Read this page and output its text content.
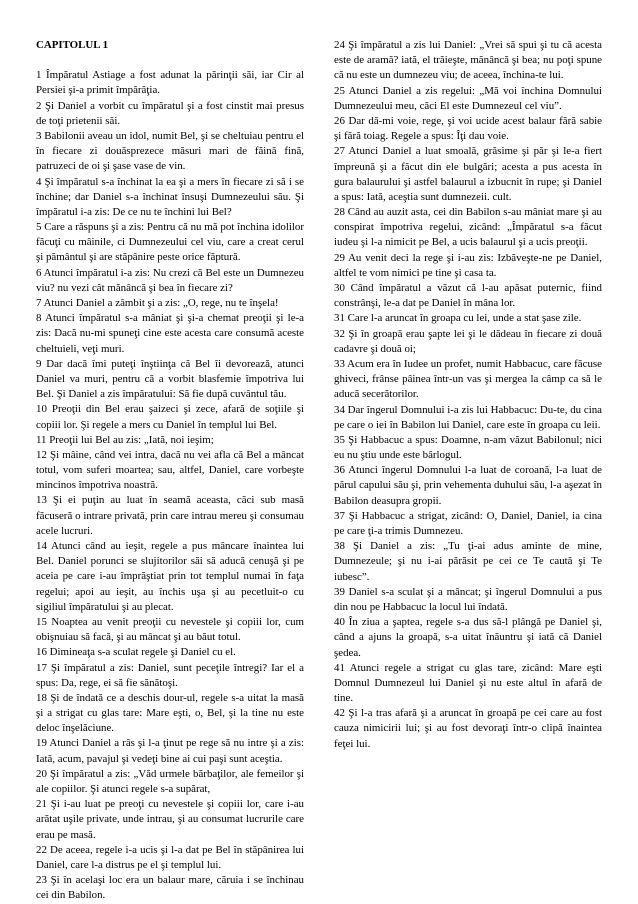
CAPITOLUL 1

1 Împăratul Astiage a fost adunat la părinţii săi, iar Cir al Persiei şi-a primit împărăţia.

2 Şi Daniel a vorbit cu împăratul şi a fost cinstit mai presus de toţi prietenii săi.

3 Babilonii aveau un idol, numit Bel, şi se cheltuiau pentru el în fiecare zi douăsprezece măsuri mari de făină fină, patruzeci de oi şi şase vase de vin.

4 Şi împăratul s-a închinat la ea şi a mers în fiecare zi să i se închine; dar Daniel s-a închinat însuşi Dumnezeului său. Şi împăratul i-a zis: De ce nu te închini lui Bel?

5 Care a răspuns şi a zis: Pentru că nu mă pot închina idolilor făcuţi cu mâinile, ci Dumnezeului cel viu, care a creat cerul şi pământul şi are stăpânire peste orice făptură.

6 Atunci împăratul i-a zis: Nu crezi că Bel este un Dumnezeu viu? nu vezi cât mănâncă şi bea în fiecare zi?

7 Atunci Daniel a zâmbit şi a zis: „O, rege, nu te înşela!

8 Atunci împăratul s-a mâniat şi şi-a chemat preoţii şi le-a zis: Dacă nu-mi spuneţi cine este acesta care consumă aceste cheltuieli, veţi muri.

9 Dar dacă îmi puteţi înştiinţa că Bel îi devorează, atunci Daniel va muri, pentru că a vorbit blasfemie împotriva lui Bel. Şi Daniel a zis împăratului: Să fie după cuvântul tău.

10 Preoţii din Bel erau şaizeci şi zece, afară de soţiile şi copiii lor. Şi regele a mers cu Daniel în templul lui Bel.

11 Preoţii lui Bel au zis: „Iată, noi ieşim;

12 Şi mâine, când vei intra, dacă nu vei afla că Bel a mâncat totul, vom suferi moartea; sau, altfel, Daniel, care vorbeşte mincinos împotriva noastră.

13 Şi ei puţin au luat în seamă aceasta, căci sub masă făcuseră o intrare privată, prin care intrau mereu şi consumau acele lucruri.

14 Atunci când au ieşit, regele a pus mâncare înaintea lui Bel. Daniel porunci se slujitorilor săi să aducă cenuşă şi pe aceia pe care i-au împrăştiat prin tot templul numai în faţa regelui; apoi au ieşit, au închis uşa şi au pecetluit-o cu sigiliul împăratului şi au plecat.

15 Noaptea au venit preoţii cu nevestele şi copiii lor, cum obişnuiau să facă, şi au mâncat şi au băut totul.

16 Dimineaţa s-a sculat regele şi Daniel cu el.

17 Şi împăratul a zis: Daniel, sunt peceţile întregi? Iar el a spus: Da, rege, ei să fie sănătoşi.

18 Şi de îndată ce a deschis dour-ul, regele s-a uitat la masă şi a strigat cu glas tare: Mare eşti, o, Bel, şi la tine nu este deloc înşelăciune.

19 Atunci Daniel a râs şi l-a ţinut pe rege să nu intre şi a zis: Iată, acum, pavajul şi vedeţi bine ai cui paşi sunt aceştia.

20 Şi împăratul a zis: „Văd urmele bărbaţilor, ale femeilor şi ale copiilor. Şi atunci regele s-a supărat,

21 Şi i-au luat pe preoţi cu nevestele şi copiii lor, care i-au arătat uşile private, unde intrau, şi au consumat lucrurile care erau pe masă.

22 De aceea, regele i-a ucis şi l-a dat pe Bel în stăpânirea lui Daniel, care l-a distrus pe el şi templul lui.

23 Şi în acelaşi loc era un balaur mare, căruia i se închinau cei din Babilon.

24 Şi împăratul a zis lui Daniel: „Vrei să spui şi tu că acesta este de aramă? iată, el trăieşte, mănâncă şi bea; nu poţi spune că nu este un dumnezeu viu; de aceea, închina-te lui.

25 Atunci Daniel a zis regelui: „Mă voi închina Domnului Dumnezeului meu, căci El este Dumnezeul cel viu”.

26 Dar dă-mi voie, rege, şi voi ucide acest balaur fără sabie şi fără toiag. Regele a spus: Îţi dau voie.

27 Atunci Daniel a luat smoală, grăsime şi păr şi le-a fiert împreună şi a făcut din ele bulgări; acesta a pus acesta în gura balaurului şi astfel balaurul a izbucnit în rupe; şi Daniel a spus: Iată, aceştia sunt dumnezeii. cult.

28 Când au auzit asta, cei din Babilon s-au mâniat mare şi au conspirat împotriva regelui, zicând: „Împăratul s-a făcut iudeu şi l-a nimicit pe Bel, a ucis balaurul şi a ucis preoţii.

29 Au venit deci la rege şi i-au zis: Izbăveşte-ne pe Daniel, altfel te vom nimici pe tine şi casa ta.

30 Când împăratul a văzut că l-au apăsat puternic, fiind constrânşi, le-a dat pe Daniel în mâna lor.

31 Care l-a aruncat în groapa cu lei, unde a stat şase zile.

32 Şi în groapă erau şapte lei şi le dădeau în fiecare zi două cadavre şi două oi;

33 Acum era în Iudee un profet, numit Habbacuc, care făcuse ghiveci, frânse pâinea într-un vas şi mergea la câmp ca să le aducă secerătorilor.

34 Dar îngerul Domnului i-a zis lui Habbacuc: Du-te, du cina pe care o iei în Babilon lui Daniel, care este în groapa cu leii.

35 Şi Habbacuc a spus: Doamne, n-am văzut Babilonul; nici eu nu ştiu unde este bârlogul.

36 Atunci îngerul Domnului l-a luat de coroană, l-a luat de părul capului său şi, prin vehementa duhului său, l-a aşezat în Babilon deasupra gropii.

37 Şi Habbacuc a strigat, zicând: O, Daniel, Daniel, ia cina pe care ţi-a trimis Dumnezeu.

38 Şi Daniel a zis: „Tu ţi-ai adus aminte de mine, Dumnezeule; şi nu i-ai părăsit pe cei ce Te caută şi Te iubesc”.

39 Daniel s-a sculat şi a mâncat; şi îngerul Domnului a pus din nou pe Habbacuc la locul lui îndată.

40 În ziua a şaptea, regele s-a dus să-l plângă pe Daniel şi, când a ajuns la groapă, s-a uitat înăuntru şi iată că Daniel şedea.

41 Atunci regele a strigat cu glas tare, zicând: Mare eşti Domnul Dumnezeul lui Daniel şi nu este altul în afară de tine.

42 Şi l-a tras afară şi a aruncat în groapă pe cei care au fost cauza nimicirii lui; şi au fost devoraţi într-o clipă înaintea feţei lui.
